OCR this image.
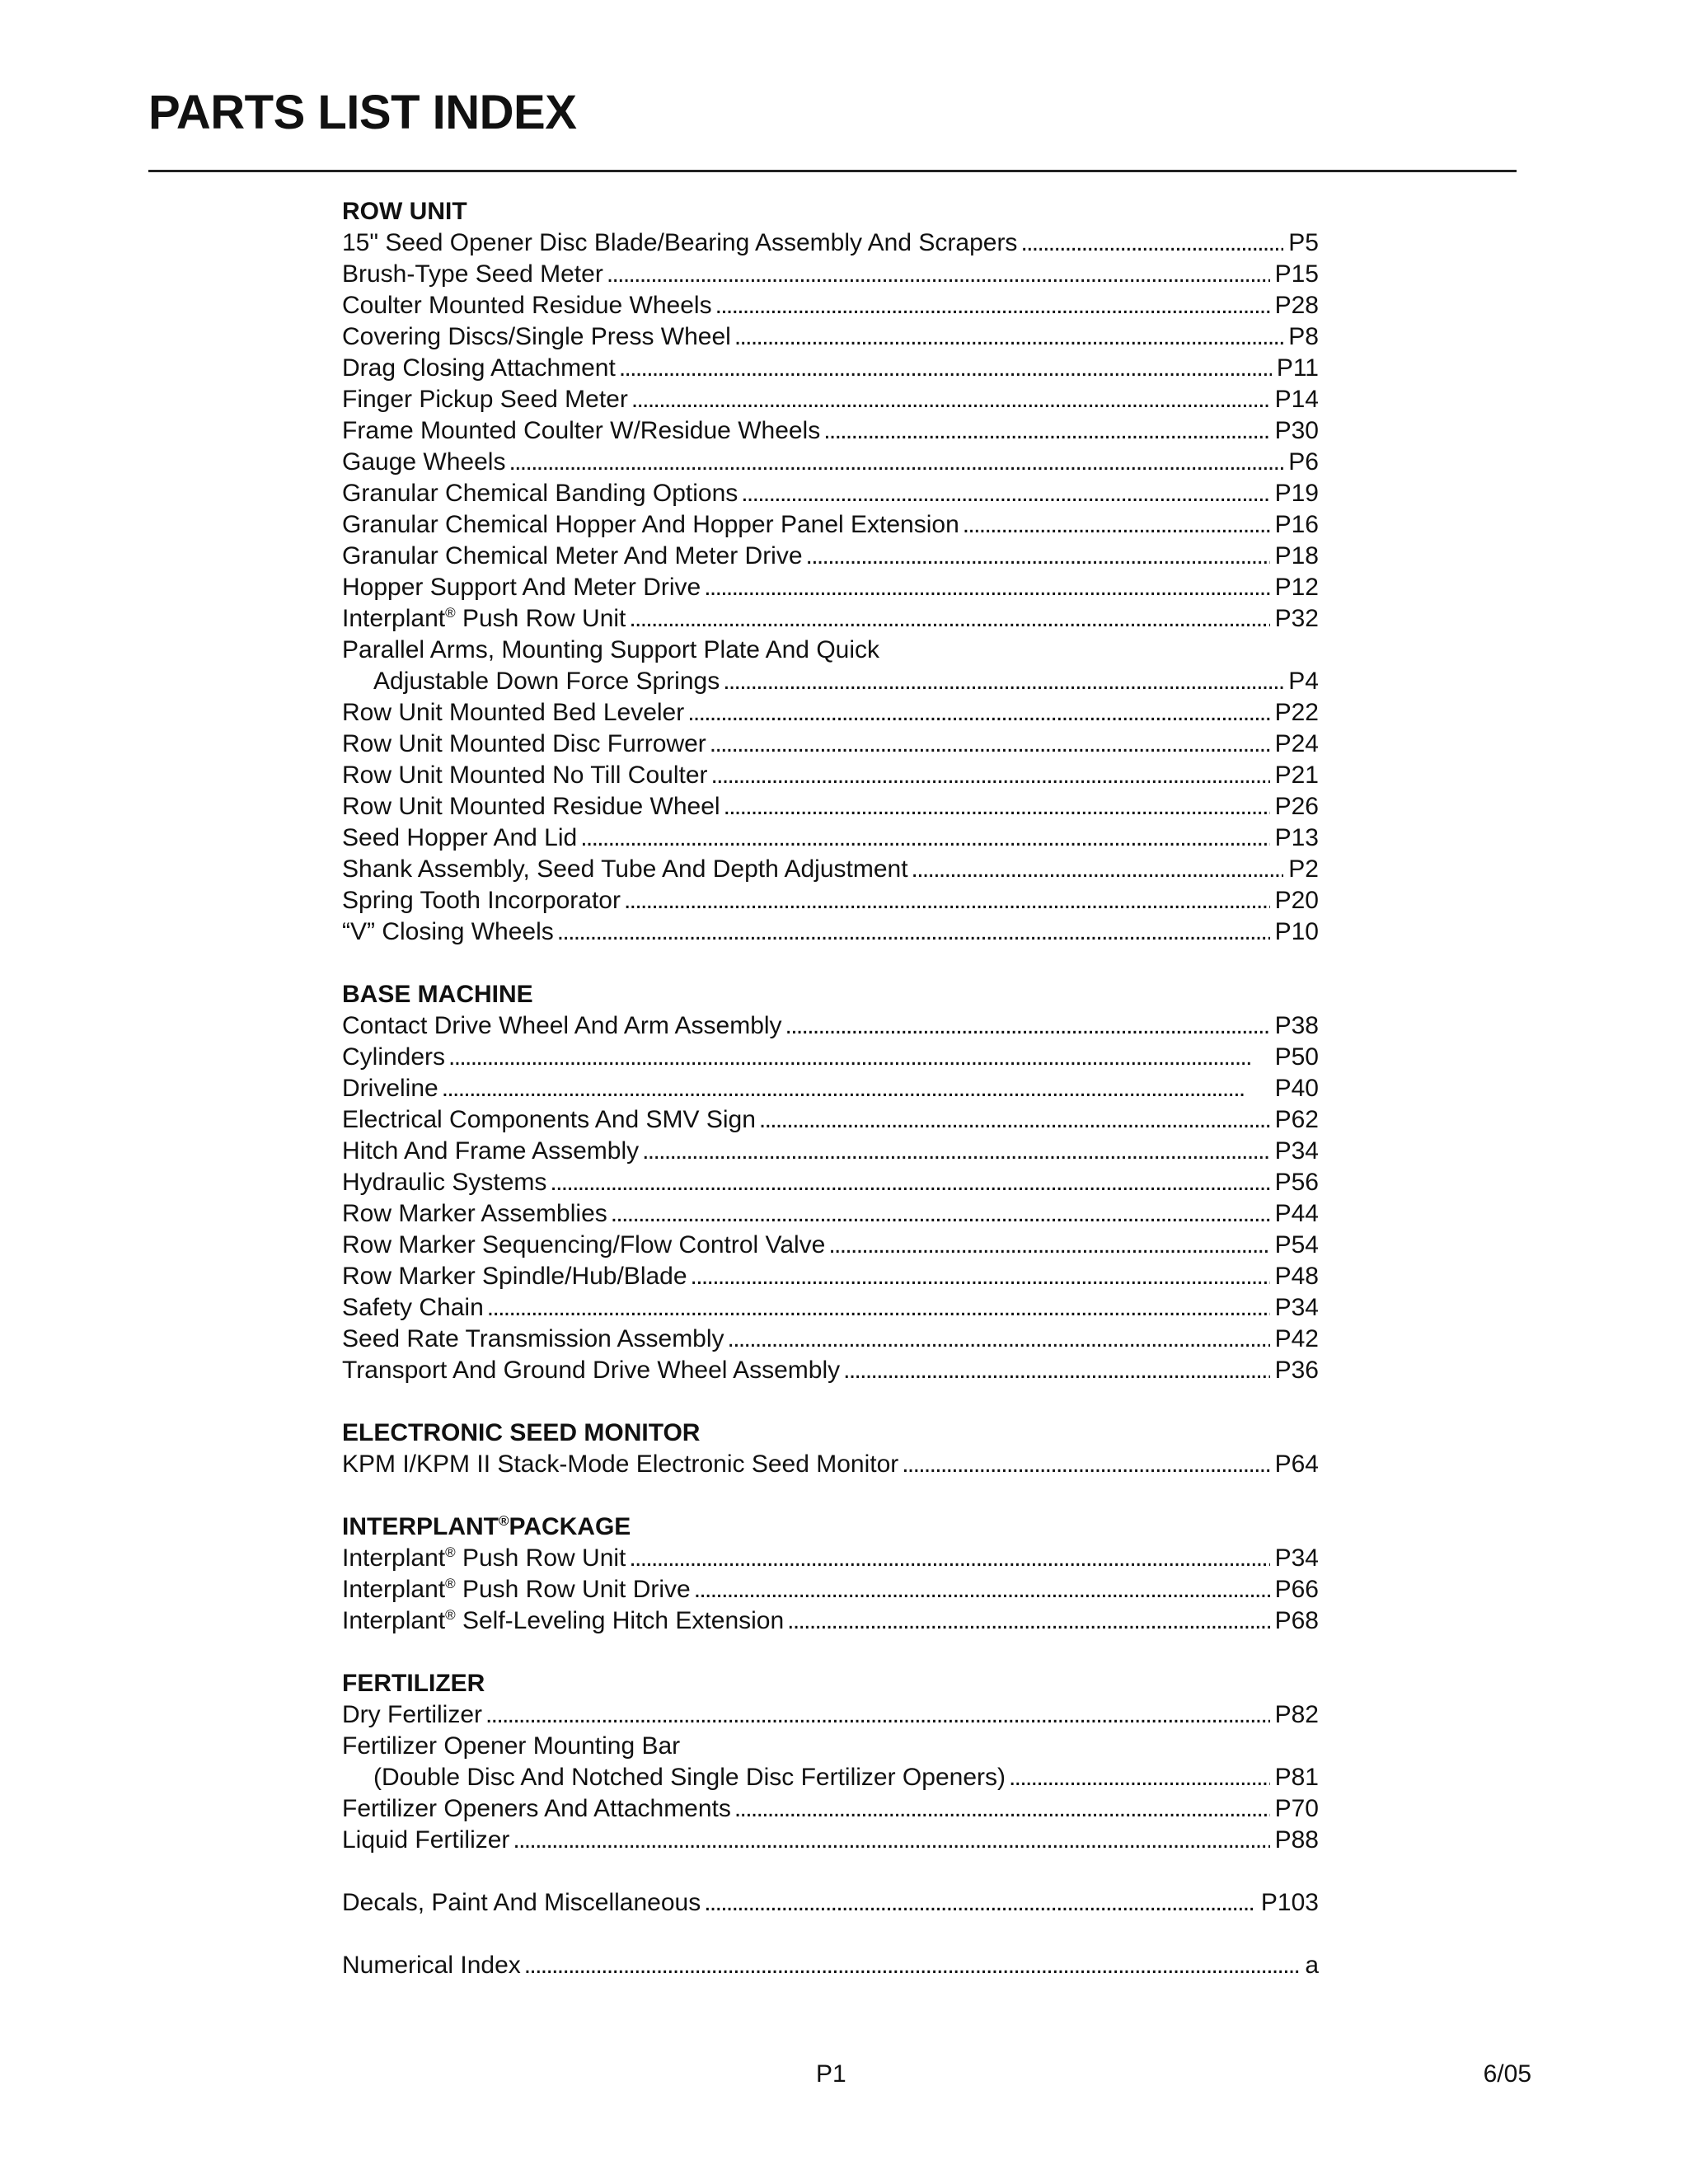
PARTS LIST INDEX
ROW UNIT
15" Seed Opener Disc Blade/Bearing Assembly And Scrapers . . .	P5
Brush-Type Seed Meter . . .	P15
Coulter Mounted Residue Wheels . . .	P28
Covering Discs/Single Press Wheel . . .	P8
Drag Closing Attachment . . .	P11
Finger Pickup Seed Meter . . .	P14
Frame Mounted Coulter W/Residue Wheels . . .	P30
Gauge Wheels . . .	P6
Granular Chemical Banding Options . . .	P19
Granular Chemical Hopper And Hopper Panel Extension . . .	P16
Granular Chemical Meter And Meter Drive . . .	P18
Hopper Support And Meter Drive . . .	P12
Interplant® Push Row Unit . . .	P32
Parallel Arms, Mounting Support Plate And Quick
Adjustable Down Force Springs . . .	P4
Row Unit Mounted Bed Leveler . . .	P22
Row Unit Mounted Disc Furrower . . .	P24
Row Unit Mounted No Till Coulter . . .	P21
Row Unit Mounted Residue Wheel . . .	P26
Seed Hopper And Lid . . .	P13
Shank Assembly, Seed Tube And Depth Adjustment . . .	P2
Spring Tooth Incorporator . . .	P20
“V” Closing Wheels . . .	P10
BASE MACHINE
Contact Drive Wheel And Arm Assembly . . .	P38
Cylinders . . .	P50
Driveline . . .	P40
Electrical Components And SMV Sign . . .	P62
Hitch And Frame Assembly . . .	P34
Hydraulic Systems . . .	P56
Row Marker Assemblies . . .	P44
Row Marker Sequencing/Flow Control Valve . . .	P54
Row Marker Spindle/Hub/Blade . . .	P48
Safety Chain . . .	P34
Seed Rate Transmission Assembly . . .	P42
Transport And Ground Drive Wheel Assembly . . .	P36
ELECTRONIC SEED MONITOR
KPM I/KPM II Stack-Mode Electronic Seed Monitor . . .	P64
INTERPLANT®PACKAGE
Interplant® Push Row Unit . . .	P34
Interplant® Push Row Unit Drive . . .	P66
Interplant® Self-Leveling Hitch Extension . . .	P68
FERTILIZER
Dry Fertilizer . . .	P82
Fertilizer Opener Mounting Bar
(Double Disc And Notched Single Disc Fertilizer Openers) . . .	P81
Fertilizer Openers And Attachments . . .	P70
Liquid Fertilizer . . .	P88
Decals, Paint And Miscellaneous . . .	P103
Numerical Index . . .	a
P1	6/05
